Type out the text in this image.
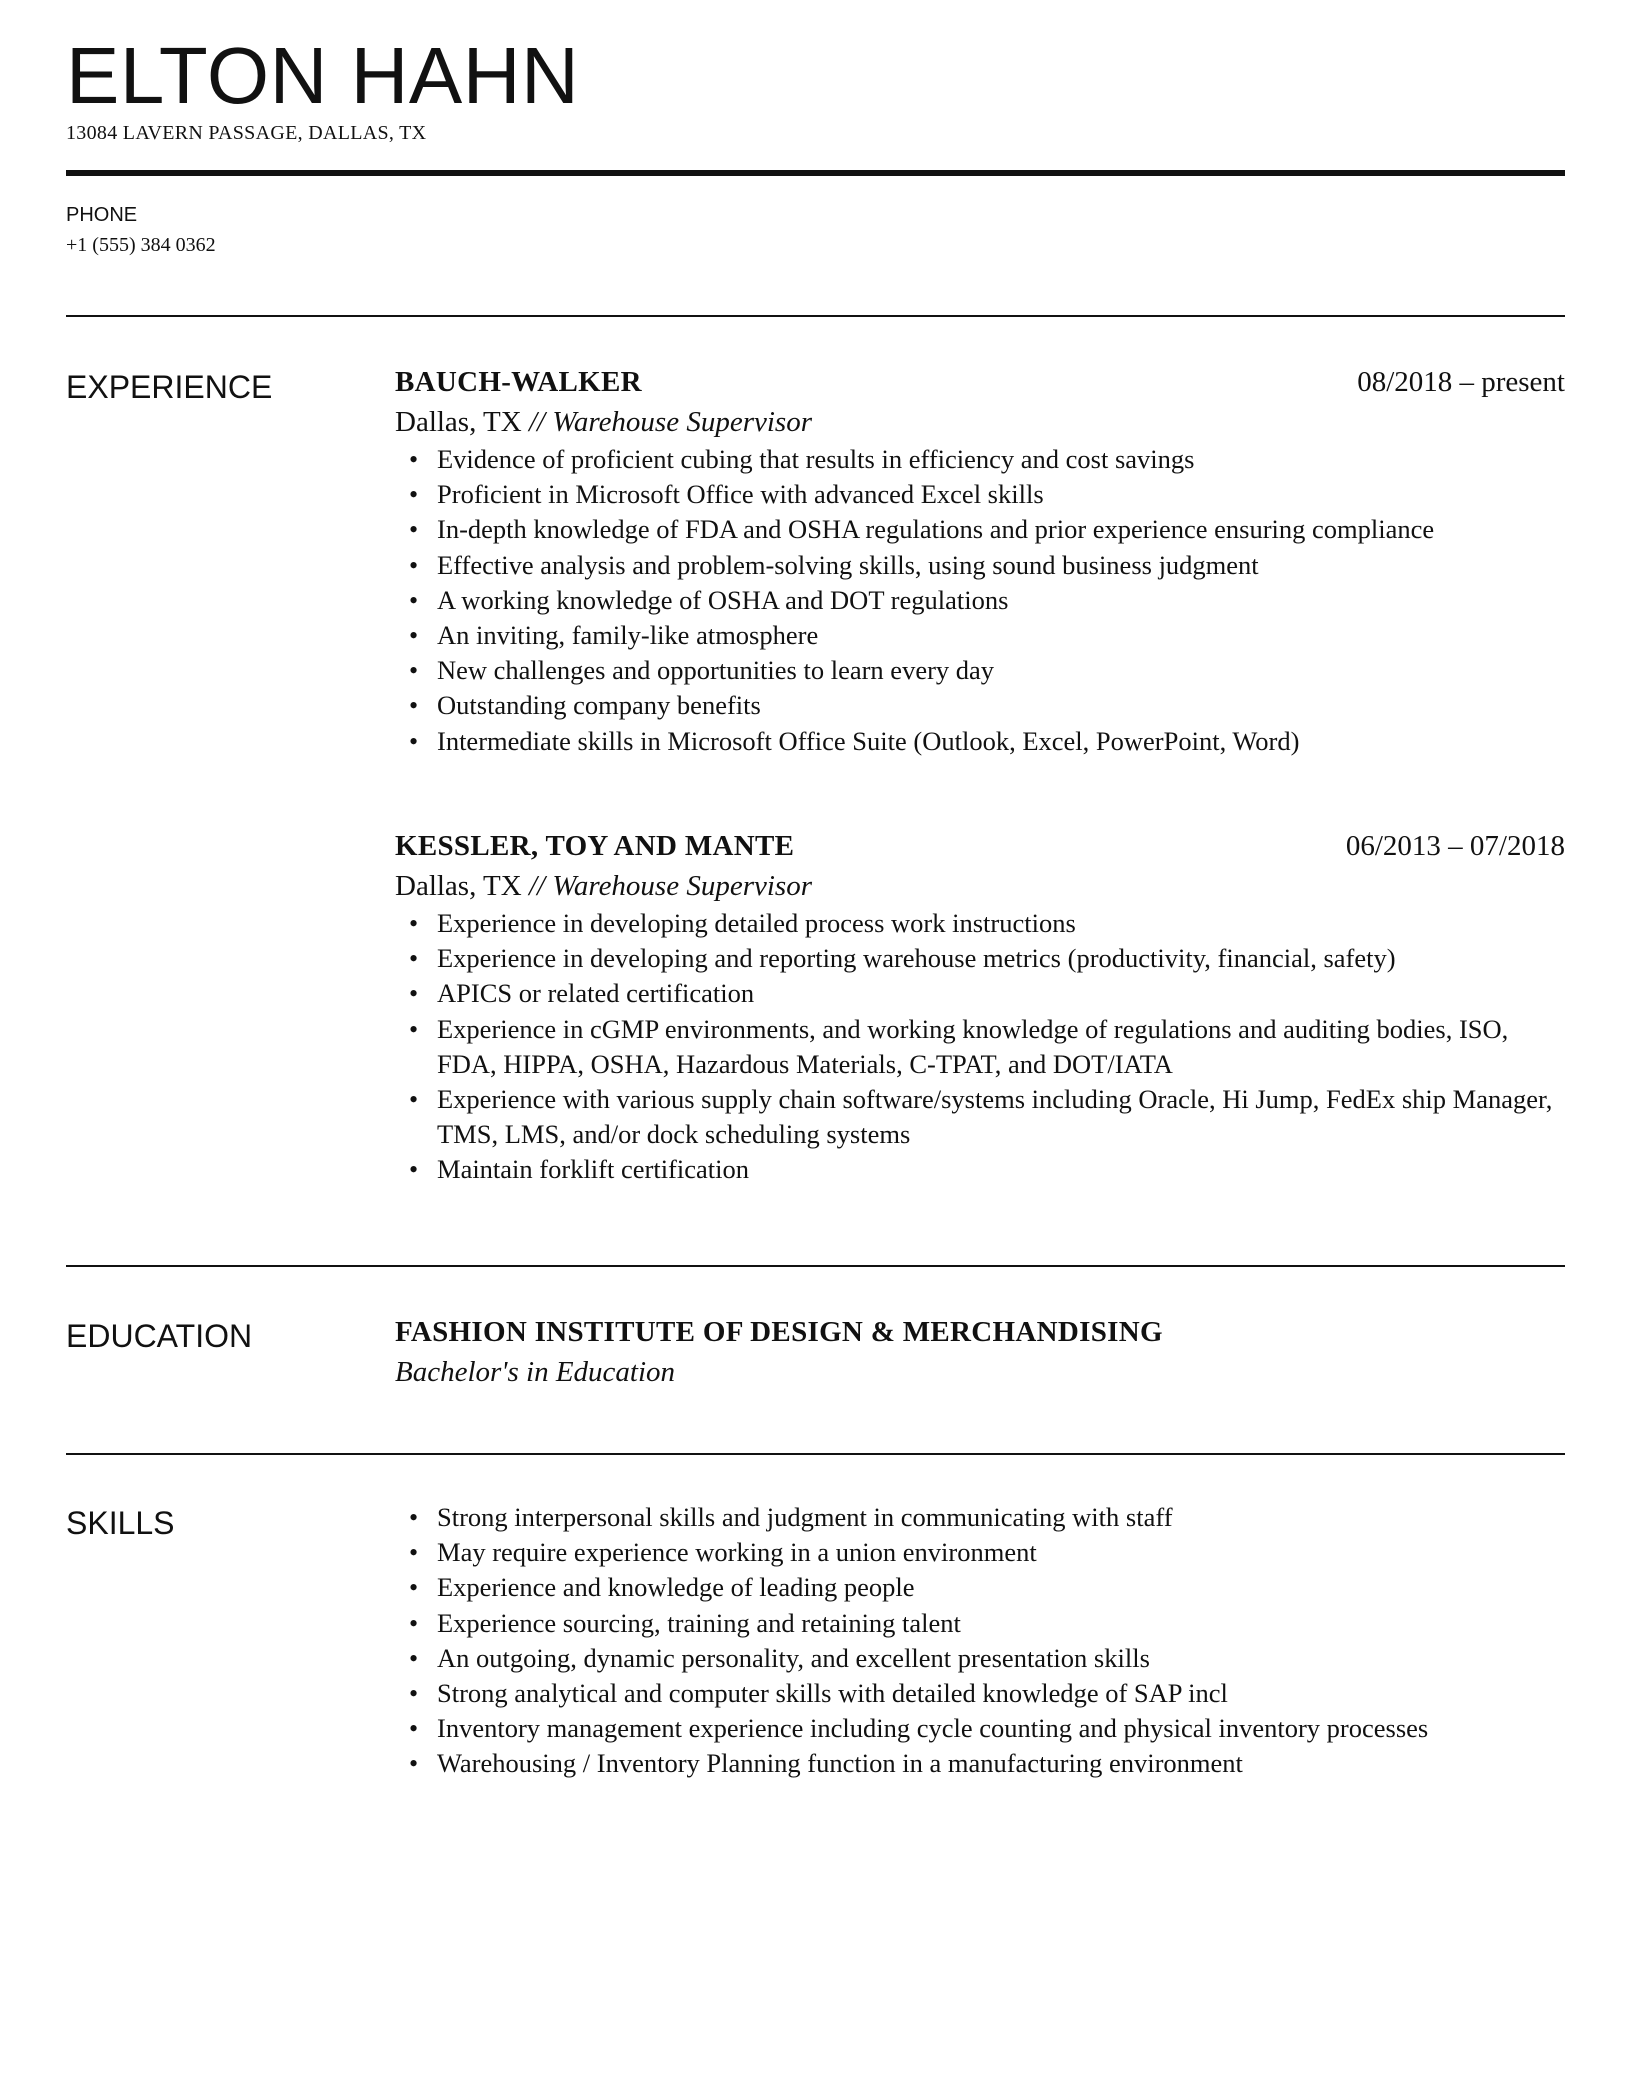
ELTON HAHN
13084 LAVERN PASSAGE, DALLAS, TX
PHONE
+1 (555) 384 0362
EXPERIENCE	BAUCH-WALKER	08/2018 – present
Dallas, TX // Warehouse Supervisor
• Evidence of proficient cubing that results in efficiency and cost savings
• Proficient in Microsoft Office with advanced Excel skills
• In-depth knowledge of FDA and OSHA regulations and prior experience ensuring compliance
• Effective analysis and problem-solving skills, using sound business judgment
• A working knowledge of OSHA and DOT regulations
• An inviting, family-like atmosphere
• New challenges and opportunities to learn every day
• Outstanding company benefits
• Intermediate skills in Microsoft Office Suite (Outlook, Excel, PowerPoint, Word)
KESSLER, TOY AND MANTE	06/2013 – 07/2018
Dallas, TX // Warehouse Supervisor
• Experience in developing detailed process work instructions
• Experience in developing and reporting warehouse metrics (productivity, financial, safety)
• APICS or related certification
• Experience in cGMP environments, and working knowledge of regulations and auditing bodies, ISO, FDA, HIPPA, OSHA, Hazardous Materials, C-TPAT, and DOT/IATA
• Experience with various supply chain software/systems including Oracle, Hi Jump, FedEx ship Manager, TMS, LMS, and/or dock scheduling systems
• Maintain forklift certification
EDUCATION	FASHION INSTITUTE OF DESIGN & MERCHANDISING
Bachelor's in Education
SKILLS
•	Strong interpersonal skills and judgment in communicating with staff
• May require experience working in a union environment
• Experience and knowledge of leading people
• Experience sourcing, training and retaining talent
• An outgoing, dynamic personality, and excellent presentation skills
• Strong analytical and computer skills with detailed knowledge of SAP incl
• Inventory management experience including cycle counting and physical inventory processes
• Warehousing / Inventory Planning function in a manufacturing environment
